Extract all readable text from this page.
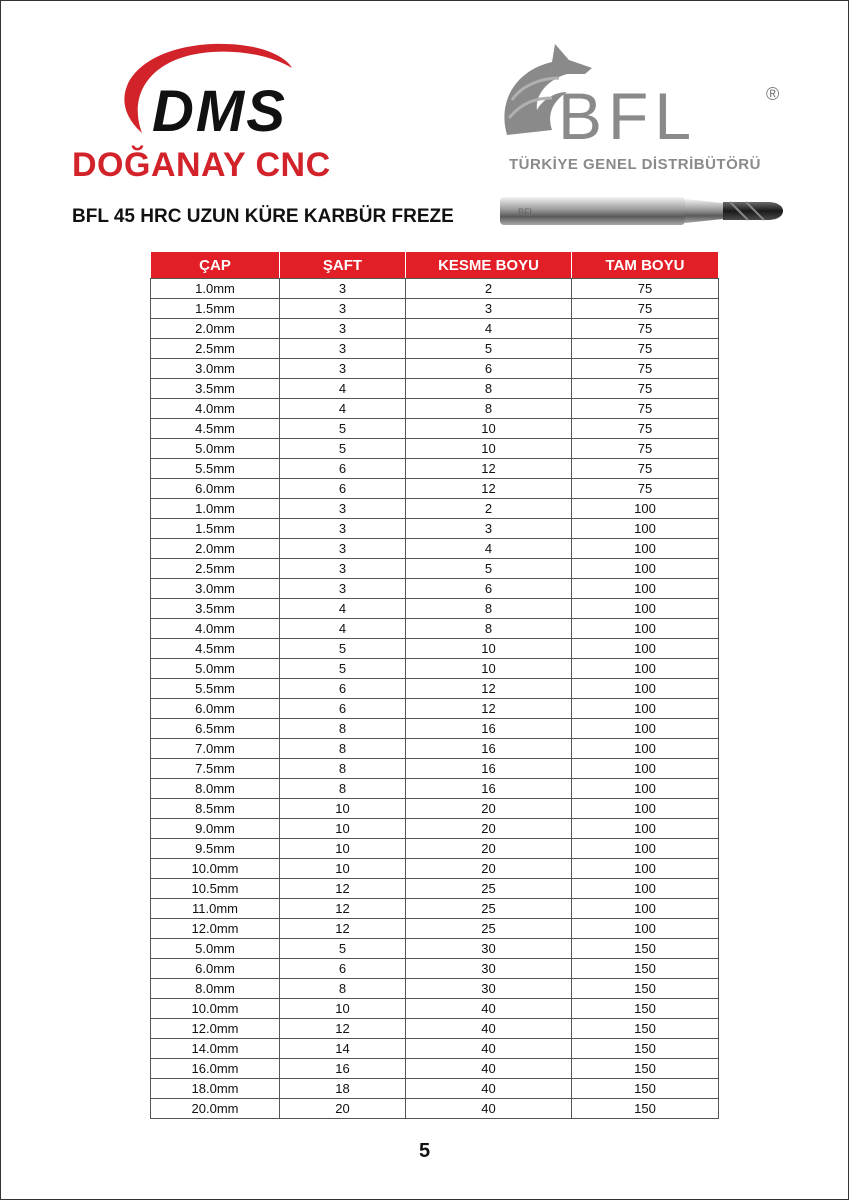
DMS
DOĞANAY CNC
BFL	®
TÜRKİYE GENEL DİSTRİBÜTÖRÜ
BFL 45 HRC UZUN KÜRE KARBÜR FREZE	BFL
ÇAP	ŞAFT	KESME BOYU	TAM BOYU
1.0mm	3	2	75
1.5mm	3	3	75
2.0mm	3	4	75
2.5mm	3	5	75
3.0mm	3	6	75
3.5mm	4	8	75
4.0mm	4	8	75
4.5mm	5	10	75
5.0mm	5	10	75
5.5mm	6	12	75
6.0mm	6	12	75
1.0mm	3	2	100
1.5mm	3	3	100
2.0mm	3	4	100
2.5mm	3	5	100
3.0mm	3	6	100
3.5mm	4	8	100
4.0mm	4	8	100
4.5mm	5	10	100
5.0mm	5	10	100
5.5mm	6	12	100
6.0mm	6	12	100
6.5mm	8	16	100
7.0mm	8	16	100
7.5mm	8	16	100
8.0mm	8	16	100
8.5mm	10	20	100
9.0mm	10	20	100
9.5mm	10	20	100
10.0mm	10	20	100
10.5mm	12	25	100
11.0mm	12	25	100
12.0mm	12	25	100
5.0mm	5	30	150
6.0mm	6	30	150
8.0mm	8	30	150
10.0mm	10	40	150
12.0mm	12	40	150
14.0mm	14	40	150
16.0mm	16	40	150
18.0mm	18	40	150
20.0mm	20	40	150
5
